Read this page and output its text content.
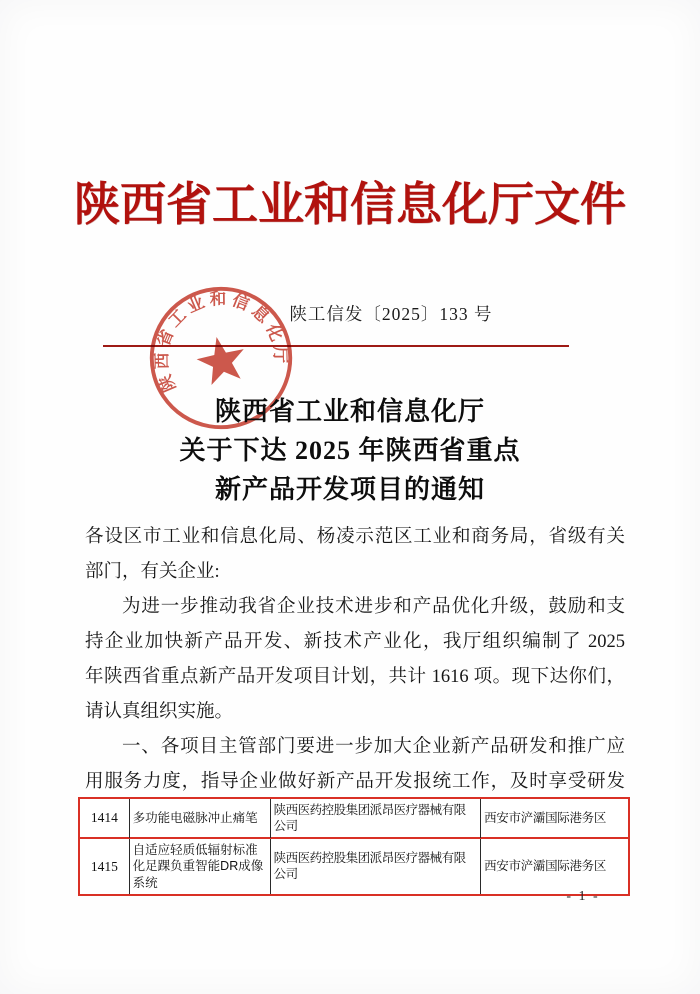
陕西省工业和信息化厅文件
陕工信发〔2025〕133 号
陕西省工业和信息化厅
陕西省工业和信息化厅
关于下达 2025 年陕西省重点
新产品开发项目的通知
各设区市工业和信息化局、杨凌示范区工业和商务局，省级有关
部门，有关企业:
为进一步推动我省企业技术进步和产品优化升级，鼓励和支
持企业加快新产品开发、新技术产业化，我厅组织编制了 2025
年陕西省重点新产品开发项目计划，共计 1616 项。现下达你们，
请认真组织实施。
一、各项目主管部门要进一步加大企业新产品研发和推广应
用服务力度，指导企业做好新产品开发报统工作，及时享受研发
1414	多功能电磁脉冲止痛笔
陕西医药控股集团派昂医疗器械有限公司
西安市浐灞国际港务区
1415
自适应轻质低辐射标准化足踝负重智能DR成像系统
陕西医药控股集团派昂医疗器械有限公司
西安市浐灞国际港务区
- 1 -
